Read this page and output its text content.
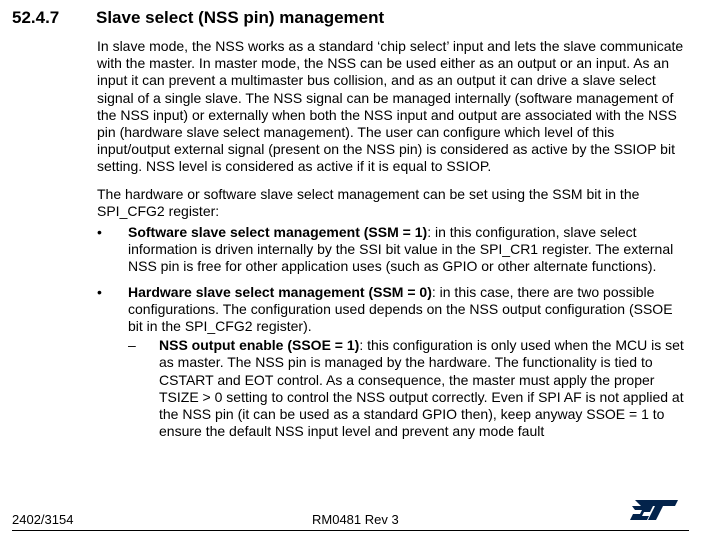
52.4.7 Slave select (NSS pin) management

In slave mode, the NSS works as a standard ‘chip select’ input and lets the slave communicate with the master. In master mode, the NSS can be used either as an output or an input. As an input it can prevent a multimaster bus collision, and as an output it can drive a slave select signal of a single slave. The NSS signal can be managed internally (software management of the NSS input) or externally when both the NSS input and output are associated with the NSS pin (hardware slave select management). The user can configure which level of this input/output external signal (present on the NSS pin) is considered as active by the SSIOP bit setting. NSS level is considered as active if it is equal to SSIOP.

The hardware or software slave select management can be set using the SSM bit in the SPI_CFG2 register:

• Software slave select management (SSM = 1): in this configuration, slave select information is driven internally by the SSI bit value in the SPI_CR1 register. The external NSS pin is free for other application uses (such as GPIO or other alternate functions).
• Hardware slave select management (SSM = 0): in this case, there are two possible configurations. The configuration used depends on the NSS output configuration (SSOE bit in the SPI_CFG2 register).
– NSS output enable (SSOE = 1): this configuration is only used when the MCU is set as master. The NSS pin is managed by the hardware. The functionality is tied to CSTART and EOT control. As a consequence, the master must apply the proper TSIZE > 0 setting to control the NSS output correctly. Even if SPI AF is not applied at the NSS pin (it can be used as a standard GPIO then), keep anyway SSOE = 1 to ensure the default NSS input level and prevent any mode fault
2402/3154	RM0481 Rev 3
